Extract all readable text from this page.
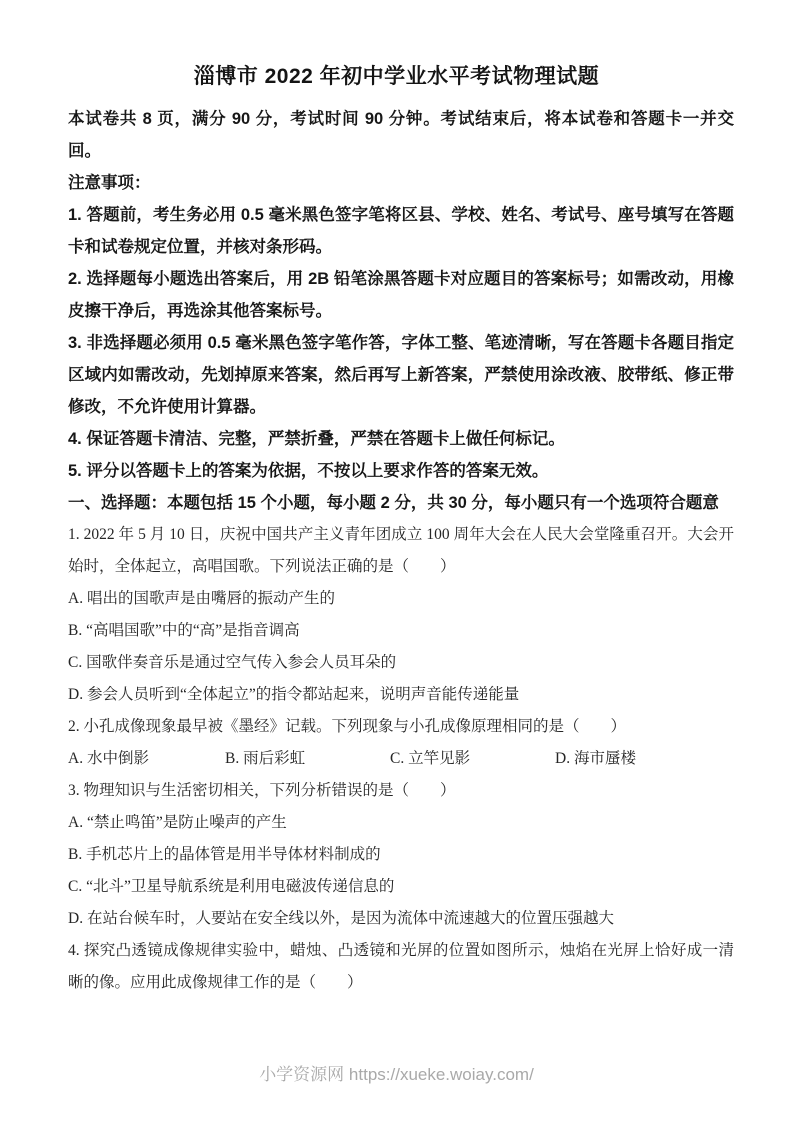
淄博市 2022 年初中学业水平考试物理试题

本试卷共 8 页，满分 90 分，考试时间 90 分钟。考试结束后，将本试卷和答题卡一并交回。

注意事项：

1. 答题前，考生务必用 0.5 毫米黑色签字笔将区县、学校、姓名、考试号、座号填写在答题卡和试卷规定位置，并核对条形码。

2. 选择题每小题选出答案后，用 2B 铅笔涂黑答题卡对应题目的答案标号；如需改动，用橡皮擦干净后，再选涂其他答案标号。

3. 非选择题必须用 0.5 毫米黑色签字笔作答，字体工整、笔迹清晰，写在答题卡各题目指定区域内如需改动，先划掉原来答案，然后再写上新答案，严禁使用涂改液、胶带纸、修正带修改，不允许使用计算器。

4. 保证答题卡清洁、完整，严禁折叠，严禁在答题卡上做任何标记。

5. 评分以答题卡上的答案为依据，不按以上要求作答的答案无效。

一、选择题：本题包括 15 个小题，每小题 2 分，共 30 分，每小题只有一个选项符合题意

1. 2022 年 5 月 10 日，庆祝中国共产主义青年团成立 100 周年大会在人民大会堂隆重召开。大会开始时，全体起立，高唱国歌。下列说法正确的是（　　）

A. 唱出的国歌声是由嘴唇的振动产生的

B. “高唱国歌”中的“高”是指音调高

C. 国歌伴奏音乐是通过空气传入参会人员耳朵的

D. 参会人员听到“全体起立”的指令都站起来，说明声音能传递能量

2. 小孔成像现象最早被《墨经》记载。下列现象与小孔成像原理相同的是（　　）

A. 水中倒影	B. 雨后彩虹	C. 立竿见影	D. 海市蜃楼

3. 物理知识与生活密切相关，下列分析错误的是（　　）

A. “禁止鸣笛”是防止噪声的产生

B. 手机芯片上的晶体管是用半导体材料制成的

C. “北斗”卫星导航系统是利用电磁波传递信息的

D. 在站台候车时，人要站在安全线以外，是因为流体中流速越大的位置压强越大

4. 探究凸透镜成像规律实验中，蜡烛、凸透镜和光屏的位置如图所示，烛焰在光屏上恰好成一清晰的像。应用此成像规律工作的是（　　）

小学资源网 https://xueke.woiay.com/
